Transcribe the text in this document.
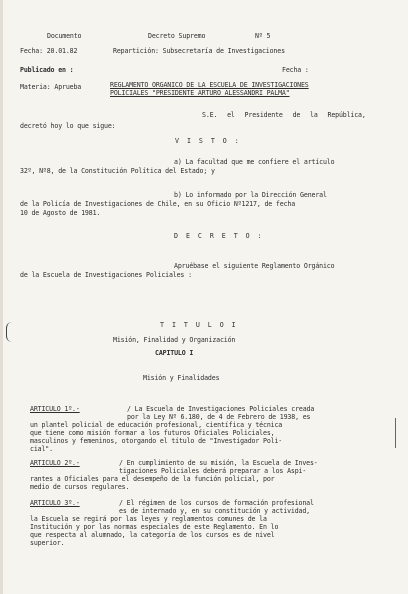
Documento	Decreto Supremo	Nº 5
Fecha: 20.01.82	Repartición: Subsecretaría de Investigaciones
Publicado en :	Fecha :
Materia: Aprueba	REGLAMENTO ORGANICO DE LA ESCUELA DE INVESTIGACIONES
POLICIALES "PRESIDENTE ARTURO ALESSANDRI PALMA"
S.E. el Presidente de la República,
decretó hoy lo que sigue:
V I S T O :
a) La facultad que me confiere el artículo
32º, Nº8, de la Constitución Política del Estado; y
b) Lo informado por la Dirección General
de la Policía de Investigaciones de Chile, en su Oficio Nº1217, de fecha
10 de Agosto de 1981.
D E C R E T O :
Apruébase el siguiente Reglamento Orgánico
de la Escuela de Investigaciones Policiales :
T I T U L O I
Misión, Finalidad y Organización
CAPITULO I
Misión y Finalidades
ARTICULO 1º.-	/ La Escuela de Investigaciones Policiales creada
por la Ley Nº 6.180, de 4 de Febrero de 1938, es
un plantel policial de educación profesional, científica y técnica
que tiene como misión formar a los futuros Oficiales Policiales,
masculinos y femeninos, otorgando el título de "Investigador Poli-
cial".
ARTICULO 2º.-	/ En cumplimiento de su misión, la Escuela de Inves-
tigaciones Policiales deberá preparar a los Aspi-
rantes a Oficiales para el desempeño de la función policial, por
medio de cursos regulares.
ARTICULO 3º.-	/ El régimen de los cursos de formación profesional
es de internado y, en su constitución y actividad,
la Escuela se regirá por las leyes y reglamentos comunes de la
Institución y por las normas especiales de este Reglamento. En lo
que respecta al alumnado, la categoría de los cursos es de nivel
superior.
